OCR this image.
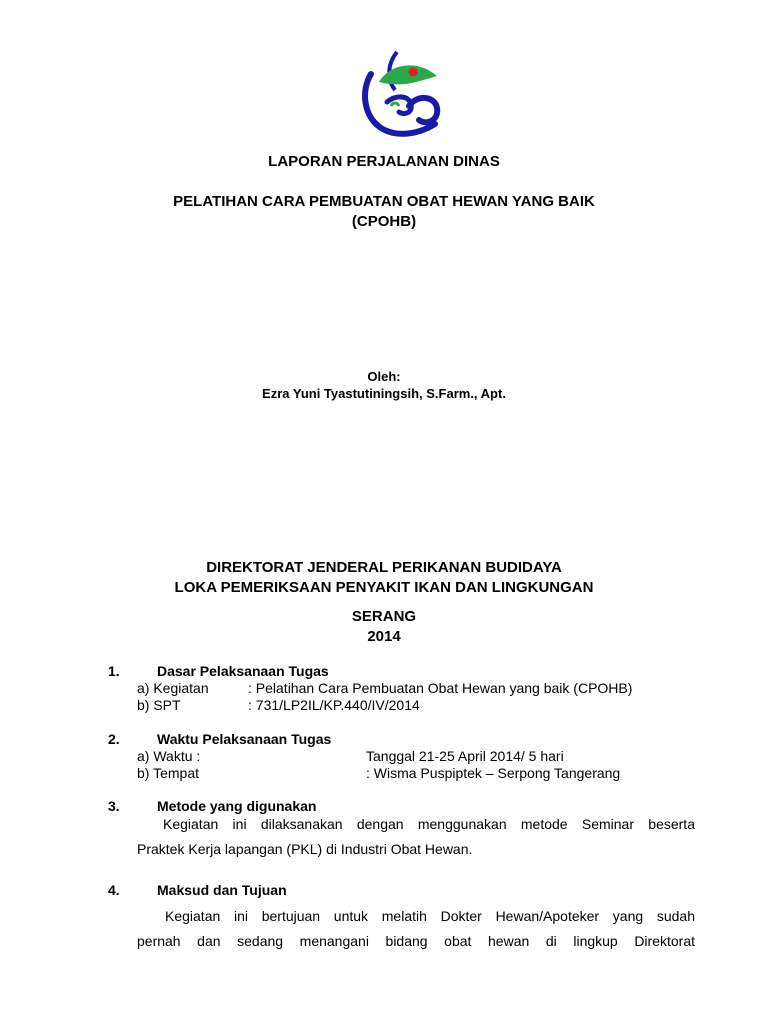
LAPORAN PERJALANAN DINAS
PELATIHAN CARA PEMBUATAN OBAT HEWAN YANG BAIK
(CPOHB)
Oleh:
Ezra Yuni Tyastutiningsih, S.Farm., Apt.
DIREKTORAT JENDERAL PERIKANAN BUDIDAYA
LOKA PEMERIKSAAN PENYAKIT IKAN DAN LINGKUNGAN
SERANG
2014
1.	Dasar Pelaksanaan Tugas
a) Kegiatan	: Pelatihan Cara Pembuatan Obat Hewan yang baik (CPOHB)
b) SPT	: 731/LP2IL/KP.440/IV/2014
2.	Waktu Pelaksanaan Tugas
a) Waktu :	Tanggal 21-25 April 2014/ 5 hari
b) Tempat	: Wisma Puspiptek – Serpong Tangerang
3.	Metode yang digunakan
Kegiatan ini dilaksanakan dengan menggunakan metode Seminar beserta
Praktek Kerja lapangan (PKL) di Industri Obat Hewan.
4.	Maksud dan Tujuan
Kegiatan ini bertujuan untuk melatih Dokter Hewan/Apoteker yang sudah
pernah dan sedang menangani bidang obat hewan di lingkup Direktorat
